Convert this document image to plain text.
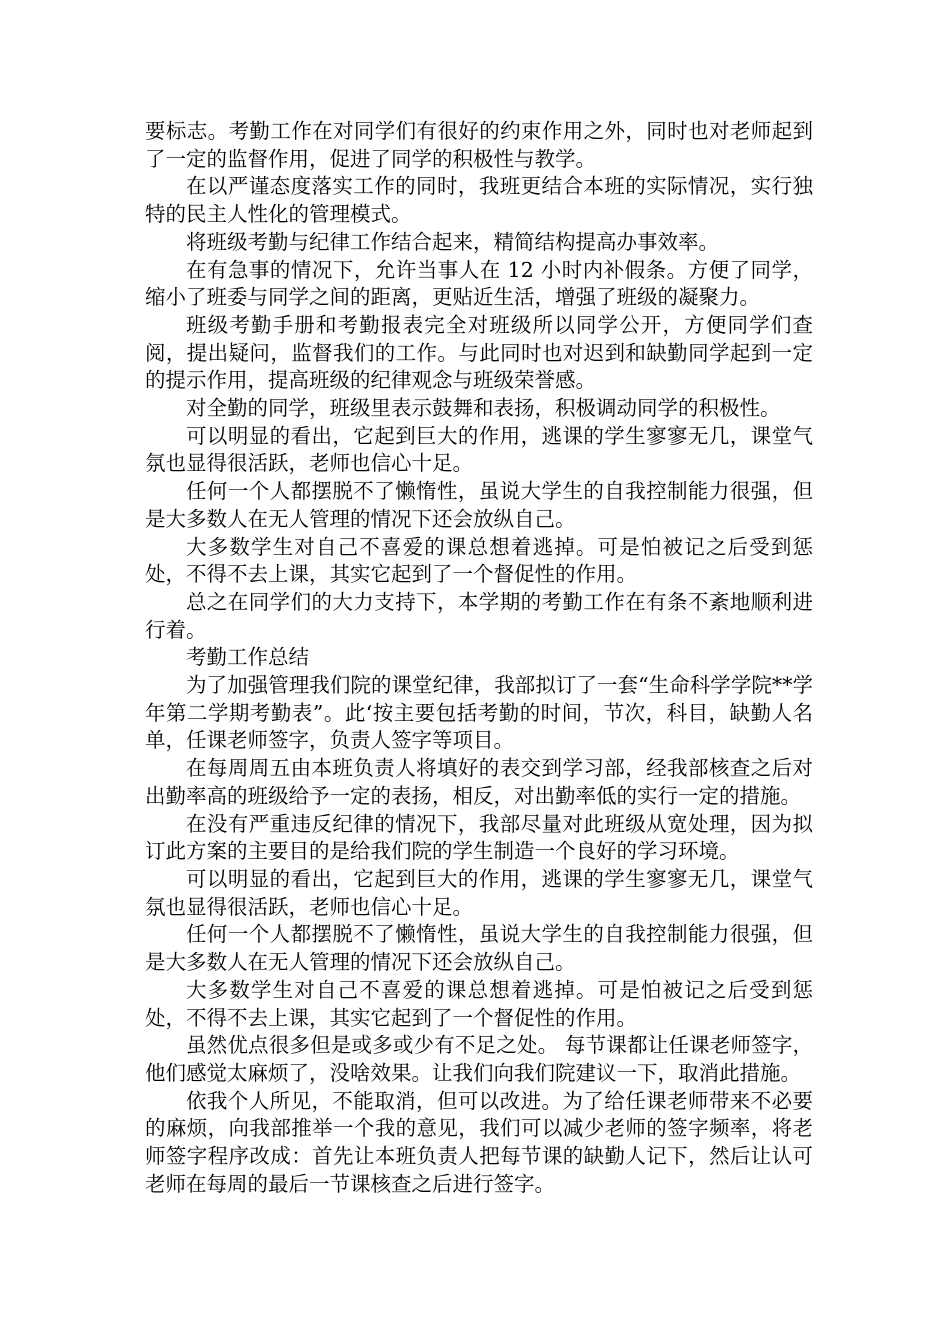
要标志。考勤工作在对同学们有很好的约束作用之外，同时也对老师起到了一定的监督作用，促进了同学的积极性与教学。

在以严谨态度落实工作的同时，我班更结合本班的实际情况，实行独特的民主人性化的管理模式。

将班级考勤与纪律工作结合起来，精简结构提高办事效率。

在有急事的情况下，允许当事人在 12 小时内补假条。方便了同学，缩小了班委与同学之间的距离，更贴近生活，增强了班级的凝聚力。

班级考勤手册和考勤报表完全对班级所以同学公开，方便同学们查阅，提出疑问，监督我们的工作。与此同时也对迟到和缺勤同学起到一定的提示作用，提高班级的纪律观念与班级荣誉感。

对全勤的同学，班级里表示鼓舞和表扬，积极调动同学的积极性。

可以明显的看出，它起到巨大的作用，逃课的学生寥寥无几，课堂气氛也显得很活跃，老师也信心十足。

任何一个人都摆脱不了懒惰性，虽说大学生的自我控制能力很强，但是大多数人在无人管理的情况下还会放纵自己。

大多数学生对自己不喜爱的课总想着逃掉。可是怕被记之后受到惩处，不得不去上课，其实它起到了一个督促性的作用。

总之在同学们的大力支持下，本学期的考勤工作在有条不紊地顺利进行着。

考勤工作总结

为了加强管理我们院的课堂纪律，我部拟订了一套“生命科学学院**学年第二学期考勤表”。此‘按主要包括考勤的时间，节次，科目，缺勤人名单，任课老师签字，负责人签字等项目。

在每周周五由本班负责人将填好的表交到学习部，经我部核查之后对出勤率高的班级给予一定的表扬，相反，对出勤率低的实行一定的措施。

在没有严重违反纪律的情况下，我部尽量对此班级从宽处理，因为拟订此方案的主要目的是给我们院的学生制造一个良好的学习环境。

可以明显的看出，它起到巨大的作用，逃课的学生寥寥无几，课堂气氛也显得很活跃，老师也信心十足。

任何一个人都摆脱不了懒惰性，虽说大学生的自我控制能力很强，但是大多数人在无人管理的情况下还会放纵自己。

大多数学生对自己不喜爱的课总想着逃掉。可是怕被记之后受到惩处，不得不去上课，其实它起到了一个督促性的作用。

虽然优点很多但是或多或少有不足之处。 每节课都让任课老师签字，他们感觉太麻烦了，没啥效果。让我们向我们院建议一下，取消此措施。

依我个人所见，不能取消，但可以改进。为了给任课老师带来不必要的麻烦，向我部推举一个我的意见，我们可以减少老师的签字频率，将老师签字程序改成：首先让本班负责人把每节课的缺勤人记下，然后让认可老师在每周的最后一节课核查之后进行签字。
